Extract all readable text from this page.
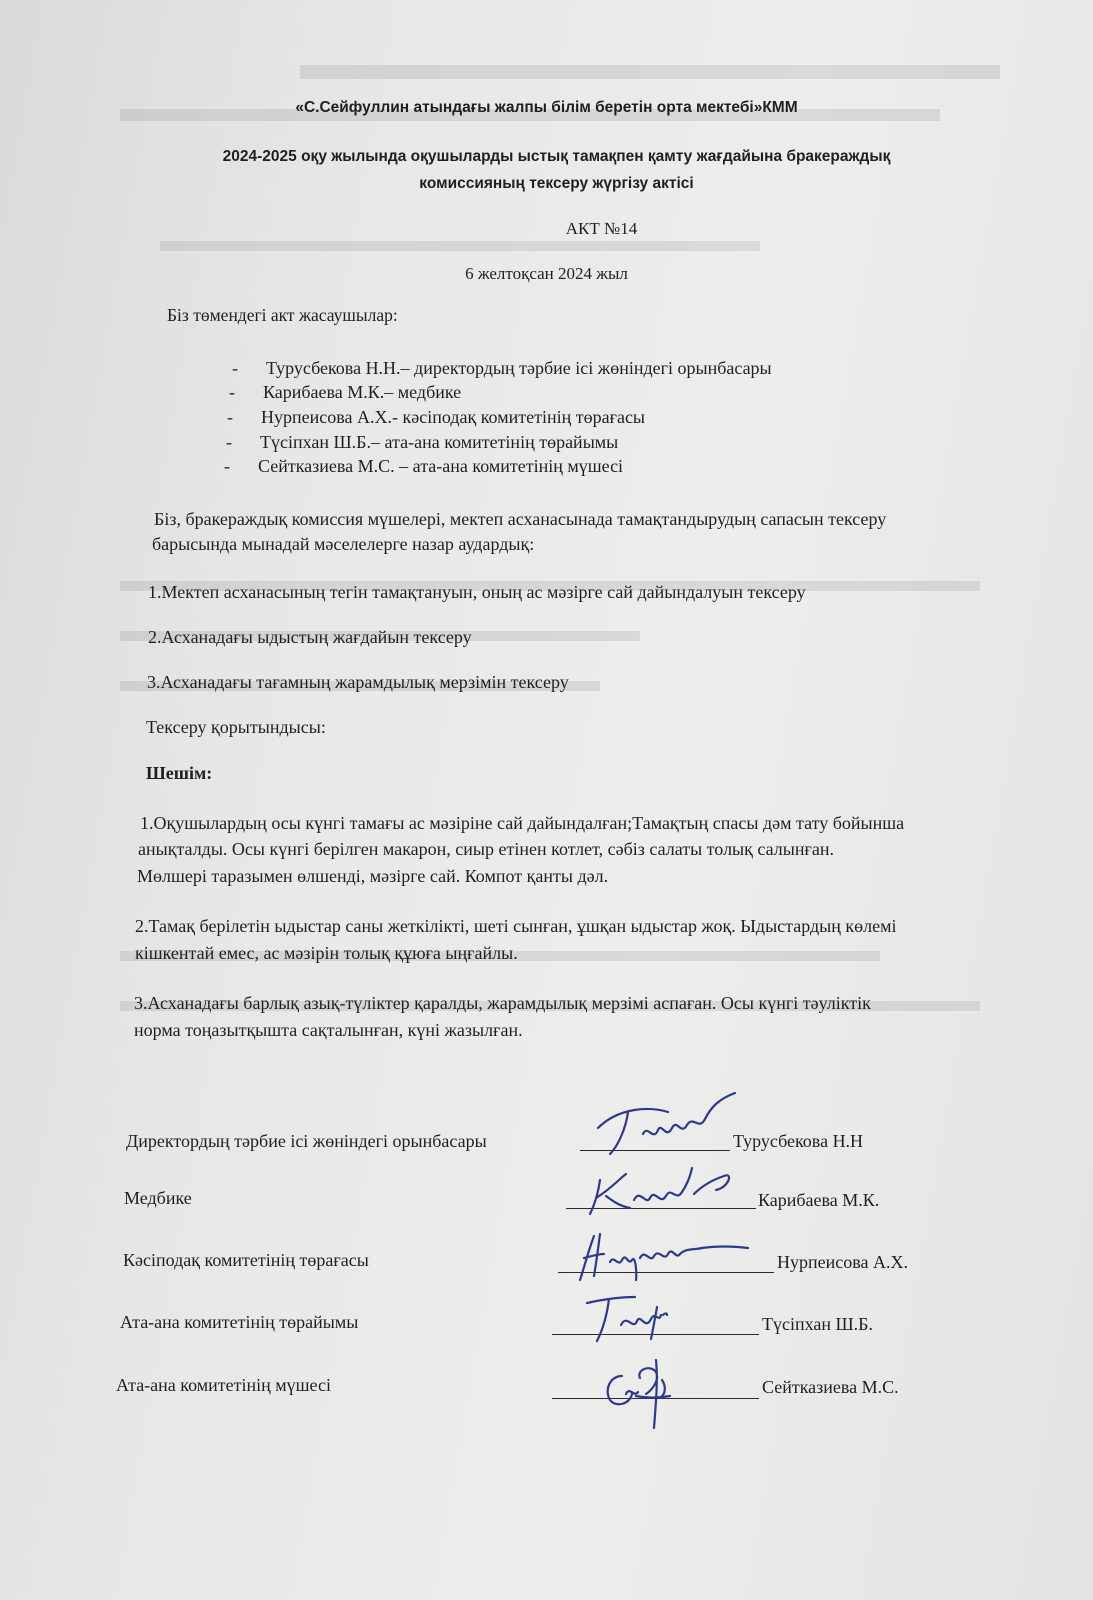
«С.Сейфуллин атындағы жалпы білім беретін орта мектебі»КММ
2024-2025 оқу жылында оқушыларды ыстық тамақпен қамту жағдайына бракераждық
комиссияның тексеру жүргізу актісі
АКТ №14
6 желтоқсан 2024 жыл
Біз төмендегі акт жасаушылар:
- Турусбекова Н.Н.– директордың тәрбие ісі жөніндегі орынбасары
- Карибаева М.К.– медбике
- Нурпеисова А.Х.- кәсіподақ комитетінің төрағасы
- Түсіпхан Ш.Б.– ата-ана комитетінің төрайымы
- Сейтказиева М.С. – ата-ана комитетінің мүшесі
Біз, бракераждық комиссия мүшелері, мектеп асханасынада тамақтандырудың сапасын тексеру
барысында мынадай мәселелерге назар аудардық:
1.Мектеп асханасының тегін тамақтануын, оның ас мәзірге сай дайындалуын тексеру
2.Асханадағы ыдыстың жағдайын тексеру
3.Асханадағы тағамның жарамдылық мерзімін тексеру
Тексеру қорытындысы:
Шешім:
1.Оқушылардың осы күнгі тамағы ас мәзіріне сай дайындалған;Тамақтың спасы дәм тату бойынша
анықталды. Осы күнгі берілген макарон, сиыр етінен котлет, сәбіз салаты толық салынған.
Мөлшері таразымен өлшенді, мәзірге сай. Компот қанты дәл.
2.Тамақ берілетін ыдыстар саны жеткілікті, шеті сынған, ұшқан ыдыстар жоқ. Ыдыстардың көлемі
кішкентай емес, ас мәзірін толық құюға ыңғайлы.
3.Асханадағы барлық азық-түліктер қаралды, жарамдылық мерзімі аспаған. Осы күнгі тәуліктік
норма тоңазытқышта сақталынған, күні жазылған.
Директордың тәрбие ісі жөніндегі орынбасары	Турусбекова Н.Н
Медбике	Карибаева М.К.
Кәсіподақ комитетінің төрағасы	Нурпеисова А.Х.
Ата-ана комитетінің төрайымы	Түсіпхан Ш.Б.
Ата-ана комитетінің мүшесі	Сейтказиева М.С.
